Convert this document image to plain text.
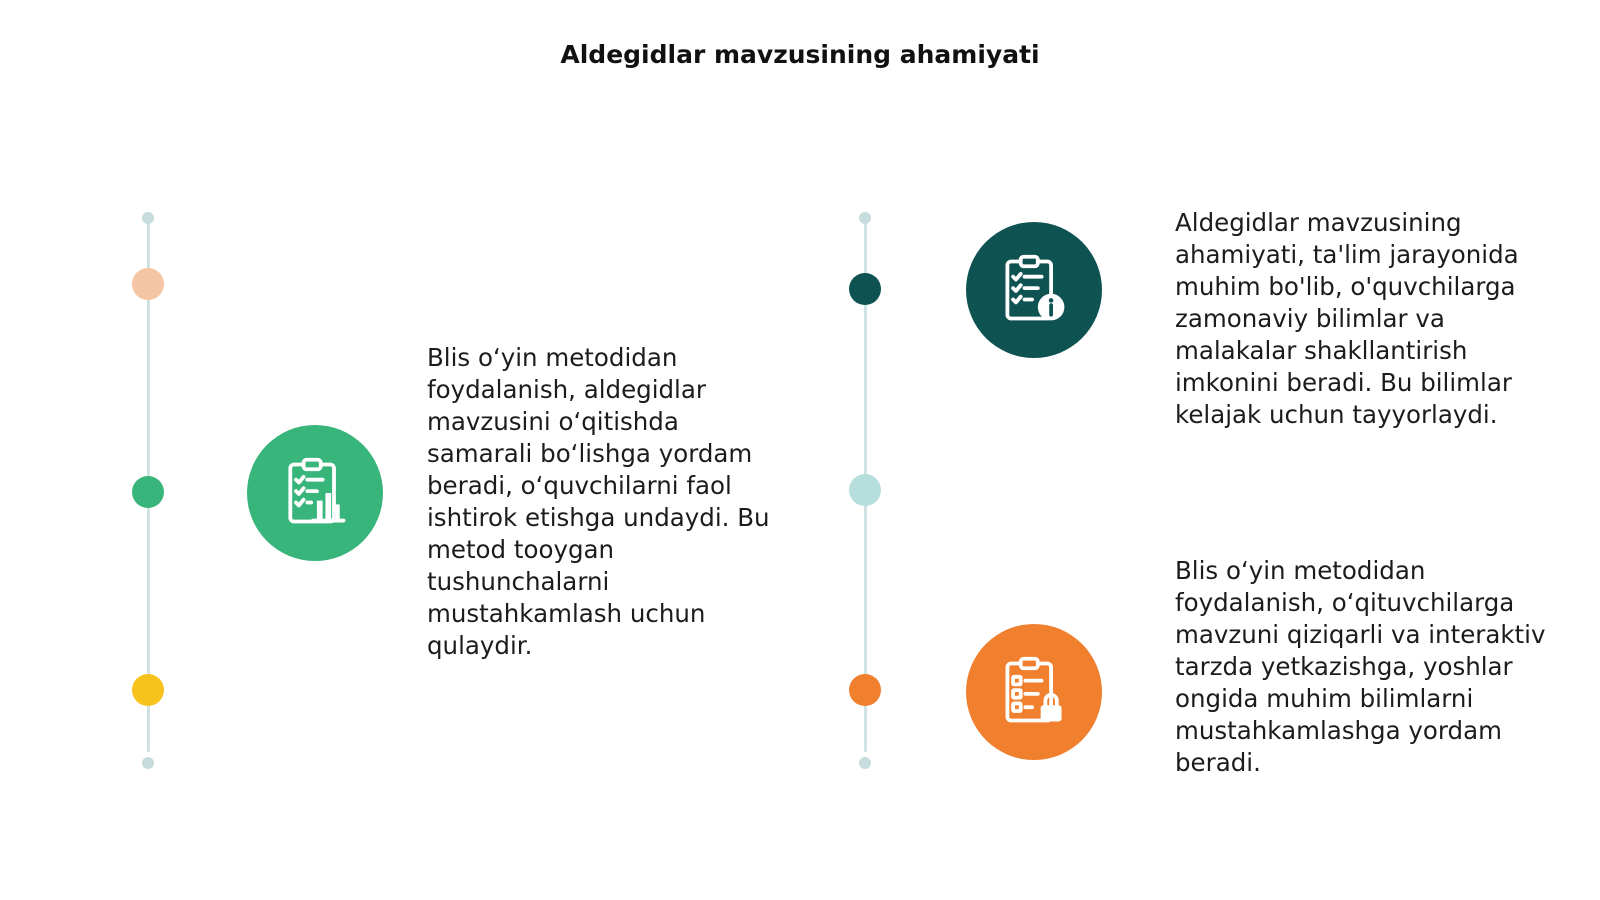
Aldegidlar mavzusining ahamiyati
Blis o‘yin metodidan foydalanish, aldegidlar mavzusini o‘qitishda samarali bo‘lishga yordam beradi, o‘quvchilarni faol ishtirok etishga undaydi. Bu metod tooygan tushunchalarni mustahkamlash uchun qulaydir.
Aldegidlar mavzusining ahamiyati, ta'lim jarayonida muhim bo'lib, o'quvchilarga zamonaviy bilimlar va malakalar shakllantirish imkonini beradi. Bu bilimlar kelajak uchun tayyorlaydi.
Blis o‘yin metodidan foydalanish, o‘qituvchilarga mavzuni qiziqarli va interaktiv tarzda yetkazishga, yoshlar ongida muhim bilimlarni mustahkamlashga yordam beradi.
